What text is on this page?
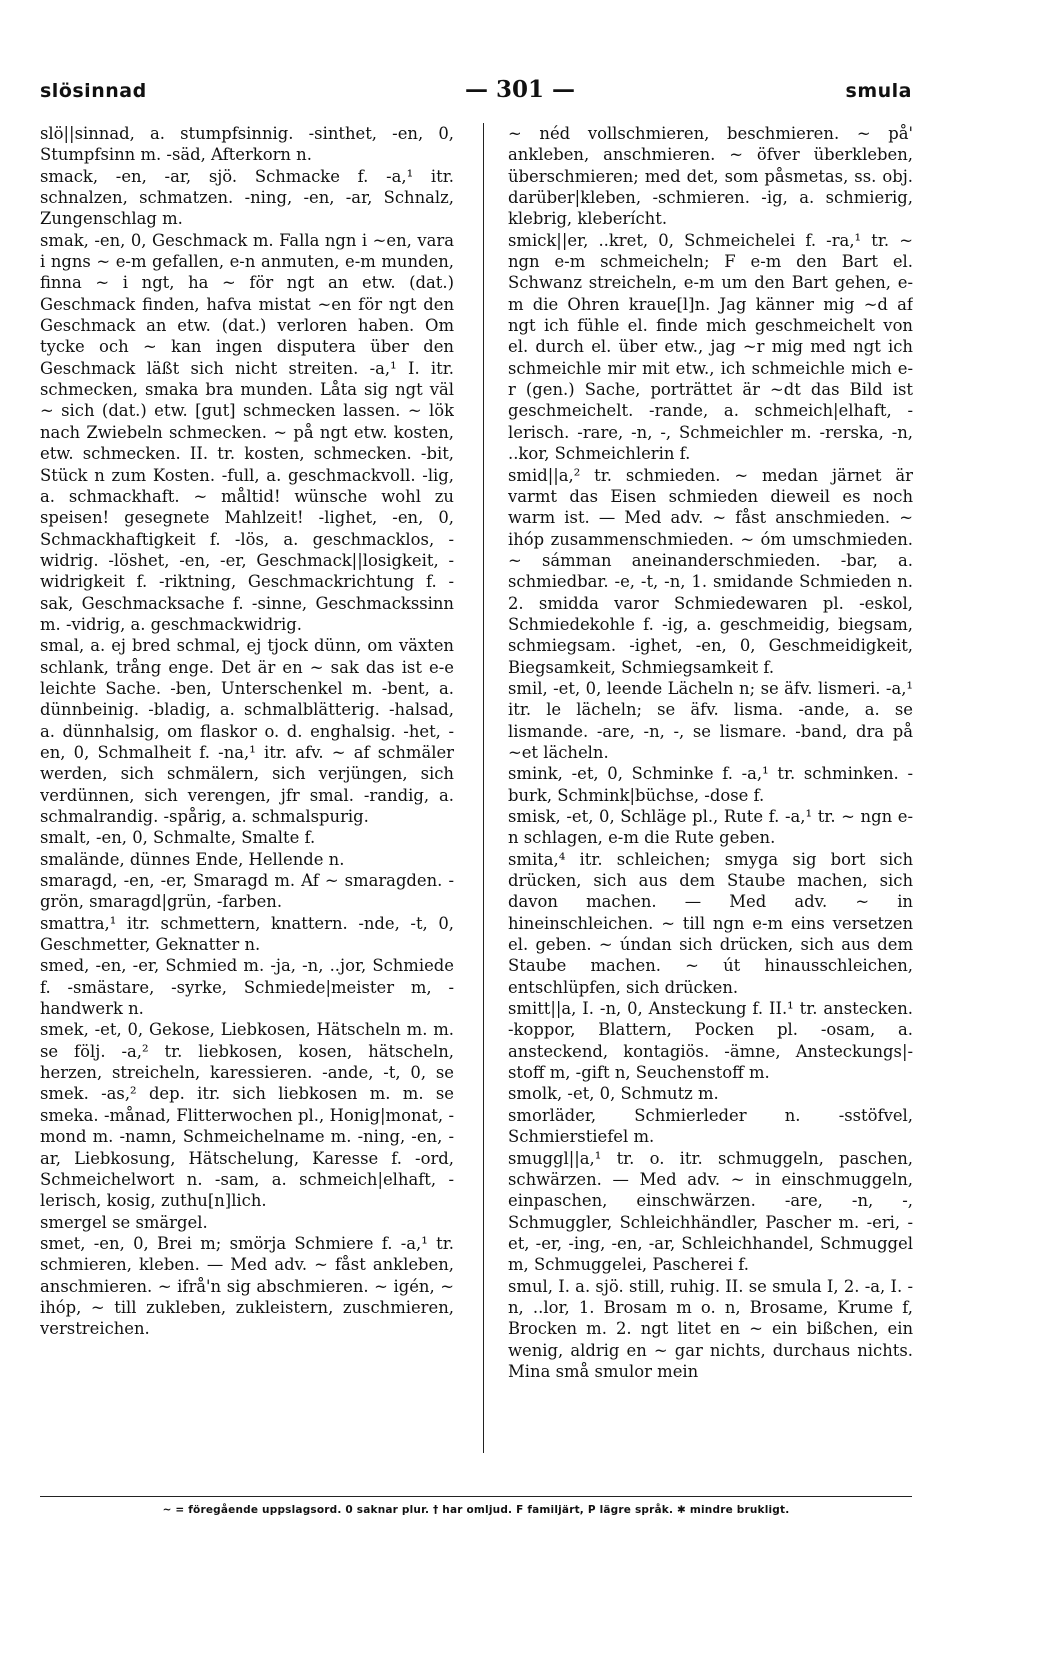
slösinnad	— 301 —	smula

slö||sinnad, a. stumpfsinnig. -sinthet, -en, 0, Stumpfsinn m. -säd, Afterkorn n.

smack, -en, -ar, sjö. Schmacke f. -a,¹ itr. schnalzen, schmatzen. -ning, -en, -ar, Schnalz, Zungenschlag m.

smak, -en, 0, Geschmack m. Falla ngn i ~en, vara i ngns ~ e-m gefallen, e-n anmuten, e-m munden, finna ~ i ngt, ha ~ för ngt an etw. (dat.) Geschmack finden, hafva mistat ~en för ngt den Geschmack an etw. (dat.) verloren haben. Om tycke och ~ kan ingen disputera über den Geschmack läßt sich nicht streiten. -a,¹ I. itr. schmecken, smaka bra munden. Låta sig ngt väl ~ sich (dat.) etw. [gut] schmecken lassen. ~ lök nach Zwiebeln schmecken. ~ på ngt etw. kosten, etw. schmecken. II. tr. kosten, schmecken. -bit, Stück n zum Kosten. -full, a. geschmackvoll. -lig, a. schmackhaft. ~ måltid! wünsche wohl zu speisen! gesegnete Mahlzeit! -lighet, -en, 0, Schmackhaftigkeit f. -lös, a. geschmacklos, -widrig. -löshet, -en, -er, Geschmack||losigkeit, -widrigkeit f. -riktning, Geschmackrichtung f. -sak, Geschmacksache f. -sinne, Geschmackssinn m. -vidrig, a. geschmackwidrig.

smal, a. ej bred schmal, ej tjock dünn, om växten schlank, trång enge. Det är en ~ sak das ist e-e leichte Sache. -ben, Unterschenkel m. -bent, a. dünnbeinig. -bladig, a. schmalblätterig. -halsad, a. dünnhalsig, om flaskor o. d. enghalsig. -het, -en, 0, Schmalheit f. -na,¹ itr. afv. ~ af schmäler werden, sich schmälern, sich verjüngen, sich verdünnen, sich verengen, jfr smal. -randig, a. schmalrandig. -spårig, a. schmalspurig.

smalt, -en, 0, Schmalte, Smalte f.

smaländе, dünnes Ende, Hellende n.

smaragd, -en, -er, Smaragd m. Af ~ smaragden. -grön, smaragd|grün, -farben.

smattra,¹ itr. schmettern, knattern. -nde, -t, 0, Geschmetter, Geknatter n.

smed, -en, -er, Schmied m. -ja, -n, ..jor, Schmiede f. -smästare, -syrke, Schmiede|meister m, -handwerk n.

smek, -et, 0, Gekose, Liebkosen, Hätscheln m. m. se följ. -a,² tr. liebkosen, kosen, hätscheln, herzen, streicheln, karessieren. -ande, -t, 0, se smek. -as,² dep. itr. sich liebkosen m. m. se smeka. -månad, Flitterwochen pl., Honig|monat, -mond m. -namn, Schmeichelname m. -ning, -en, -ar, Liebkosung, Hätschelung, Karesse f. -ord, Schmeichelwort n. -sam, a. schmeich|elhaft, -lerisch, kosig, zuthu[n]lich.

smergel se smärgel.

smet, -en, 0, Brei m; smörja Schmiere f. -a,¹ tr. schmieren, kleben. — Med adv. ~ fåst ankleben, anschmieren. ~ ifrå'n sig abschmieren. ~ igén, ~ ihóp, ~ till zukleben, zukleistern, zuschmieren, verstreichen.

~ néd vollschmieren, beschmieren. ~ på' ankleben, anschmieren. ~ öfver überkleben, überschmieren; med det, som påsmetas, ss. obj. darüber|kleben, -schmieren. -ig, a. schmierig, klebrig, kleberícht.

smick||er, ..kret, 0, Schmeichelei f. -ra,¹ tr. ~ ngn e-m schmeicheln; F e-m den Bart el. Schwanz streicheln, e-m um den Bart gehen, e-m die Ohren kraue[l]n. Jag känner mig ~d af ngt ich fühle el. finde mich geschmeichelt von el. durch el. über etw., jag ~r mig med ngt ich schmeichle mir mit etw., ich schmeichle mich e-r (gen.) Sache, porträttet är ~dt das Bild ist geschmeichelt. -rande, a. schmeich|elhaft, -lerisch. -rare, -n, -, Schmeichler m. -rerska, -n, ..kor, Schmeichlerin f.

smid||a,² tr. schmieden. ~ medan järnet är varmt das Eisen schmieden dieweil es noch warm ist. — Med adv. ~ fåst anschmieden. ~ ihóp zusammenschmieden. ~ óm umschmieden. ~ sámman aneinanderschmieden. -bar, a. schmiedbar. -e, -t, -n, 1. smidande Schmieden n. 2. smidda varor Schmiedewaren pl. -eskol, Schmiedekohle f. -ig, a. geschmeidig, biegsam, schmiegsam. -ighet, -en, 0, Geschmeidigkeit, Biegsamkeit, Schmiegsamkeit f.

smil, -et, 0, leende Lächeln n; se äfv. lismeri. -a,¹ itr. le lächeln; se äfv. lisma. -ande, a. se lismande. -are, -n, -, se lismare. -band, dra på ~et lächeln.

smink, -et, 0, Schminke f. -a,¹ tr. schminken. -burk, Schmink|büchse, -dose f.

smisk, -et, 0, Schläge pl., Rute f. -a,¹ tr. ~ ngn e-n schlagen, e-m die Rute geben.

smita,⁴ itr. schleichen; smyga sig bort sich drücken, sich aus dem Staube machen, sich davon machen. — Med adv. ~ in hineinschleichen. ~ till ngn e-m eins versetzen el. geben. ~ úndan sich drücken, sich aus dem Staube machen. ~ út hinausschleichen, entschlüpfen, sich drücken.

smitt||a, I. -n, 0, Ansteckung f. II.¹ tr. anstecken. -koppor, Blattern, Pocken pl. -osam, a. ansteckend, kontagiös. -ämne, Ansteckungs|-stoff m, -gift n, Seuchenstoff m.

smolk, -et, 0, Schmutz m.

smorläder, Schmierleder n. -sstöfvel, Schmierstiefel m.

smuggl||a,¹ tr. o. itr. schmuggeln, paschen, schwärzen. — Med adv. ~ in einschmuggeln, einpaschen, einschwärzen. -are, -n, -, Schmuggler, Schleichhändler, Pascher m. -eri, -et, -er, -ing, -en, -ar, Schleichhandel, Schmuggel m, Schmuggelei, Pascherei f.

smul, I. a. sjö. still, ruhig. II. se smula I, 2. -a, I. -n, ..lor, 1. Brosam m o. n, Brosame, Krume f, Brocken m. 2. ngt litet en ~ ein bißchen, ein wenig, aldrig en ~ gar nichts, durchaus nichts. Mina små smulor mein

~ = föregående uppslagsord. 0 saknar plur. † har omljud. F familjärt, P lägre språk. ✱ mindre brukligt.
